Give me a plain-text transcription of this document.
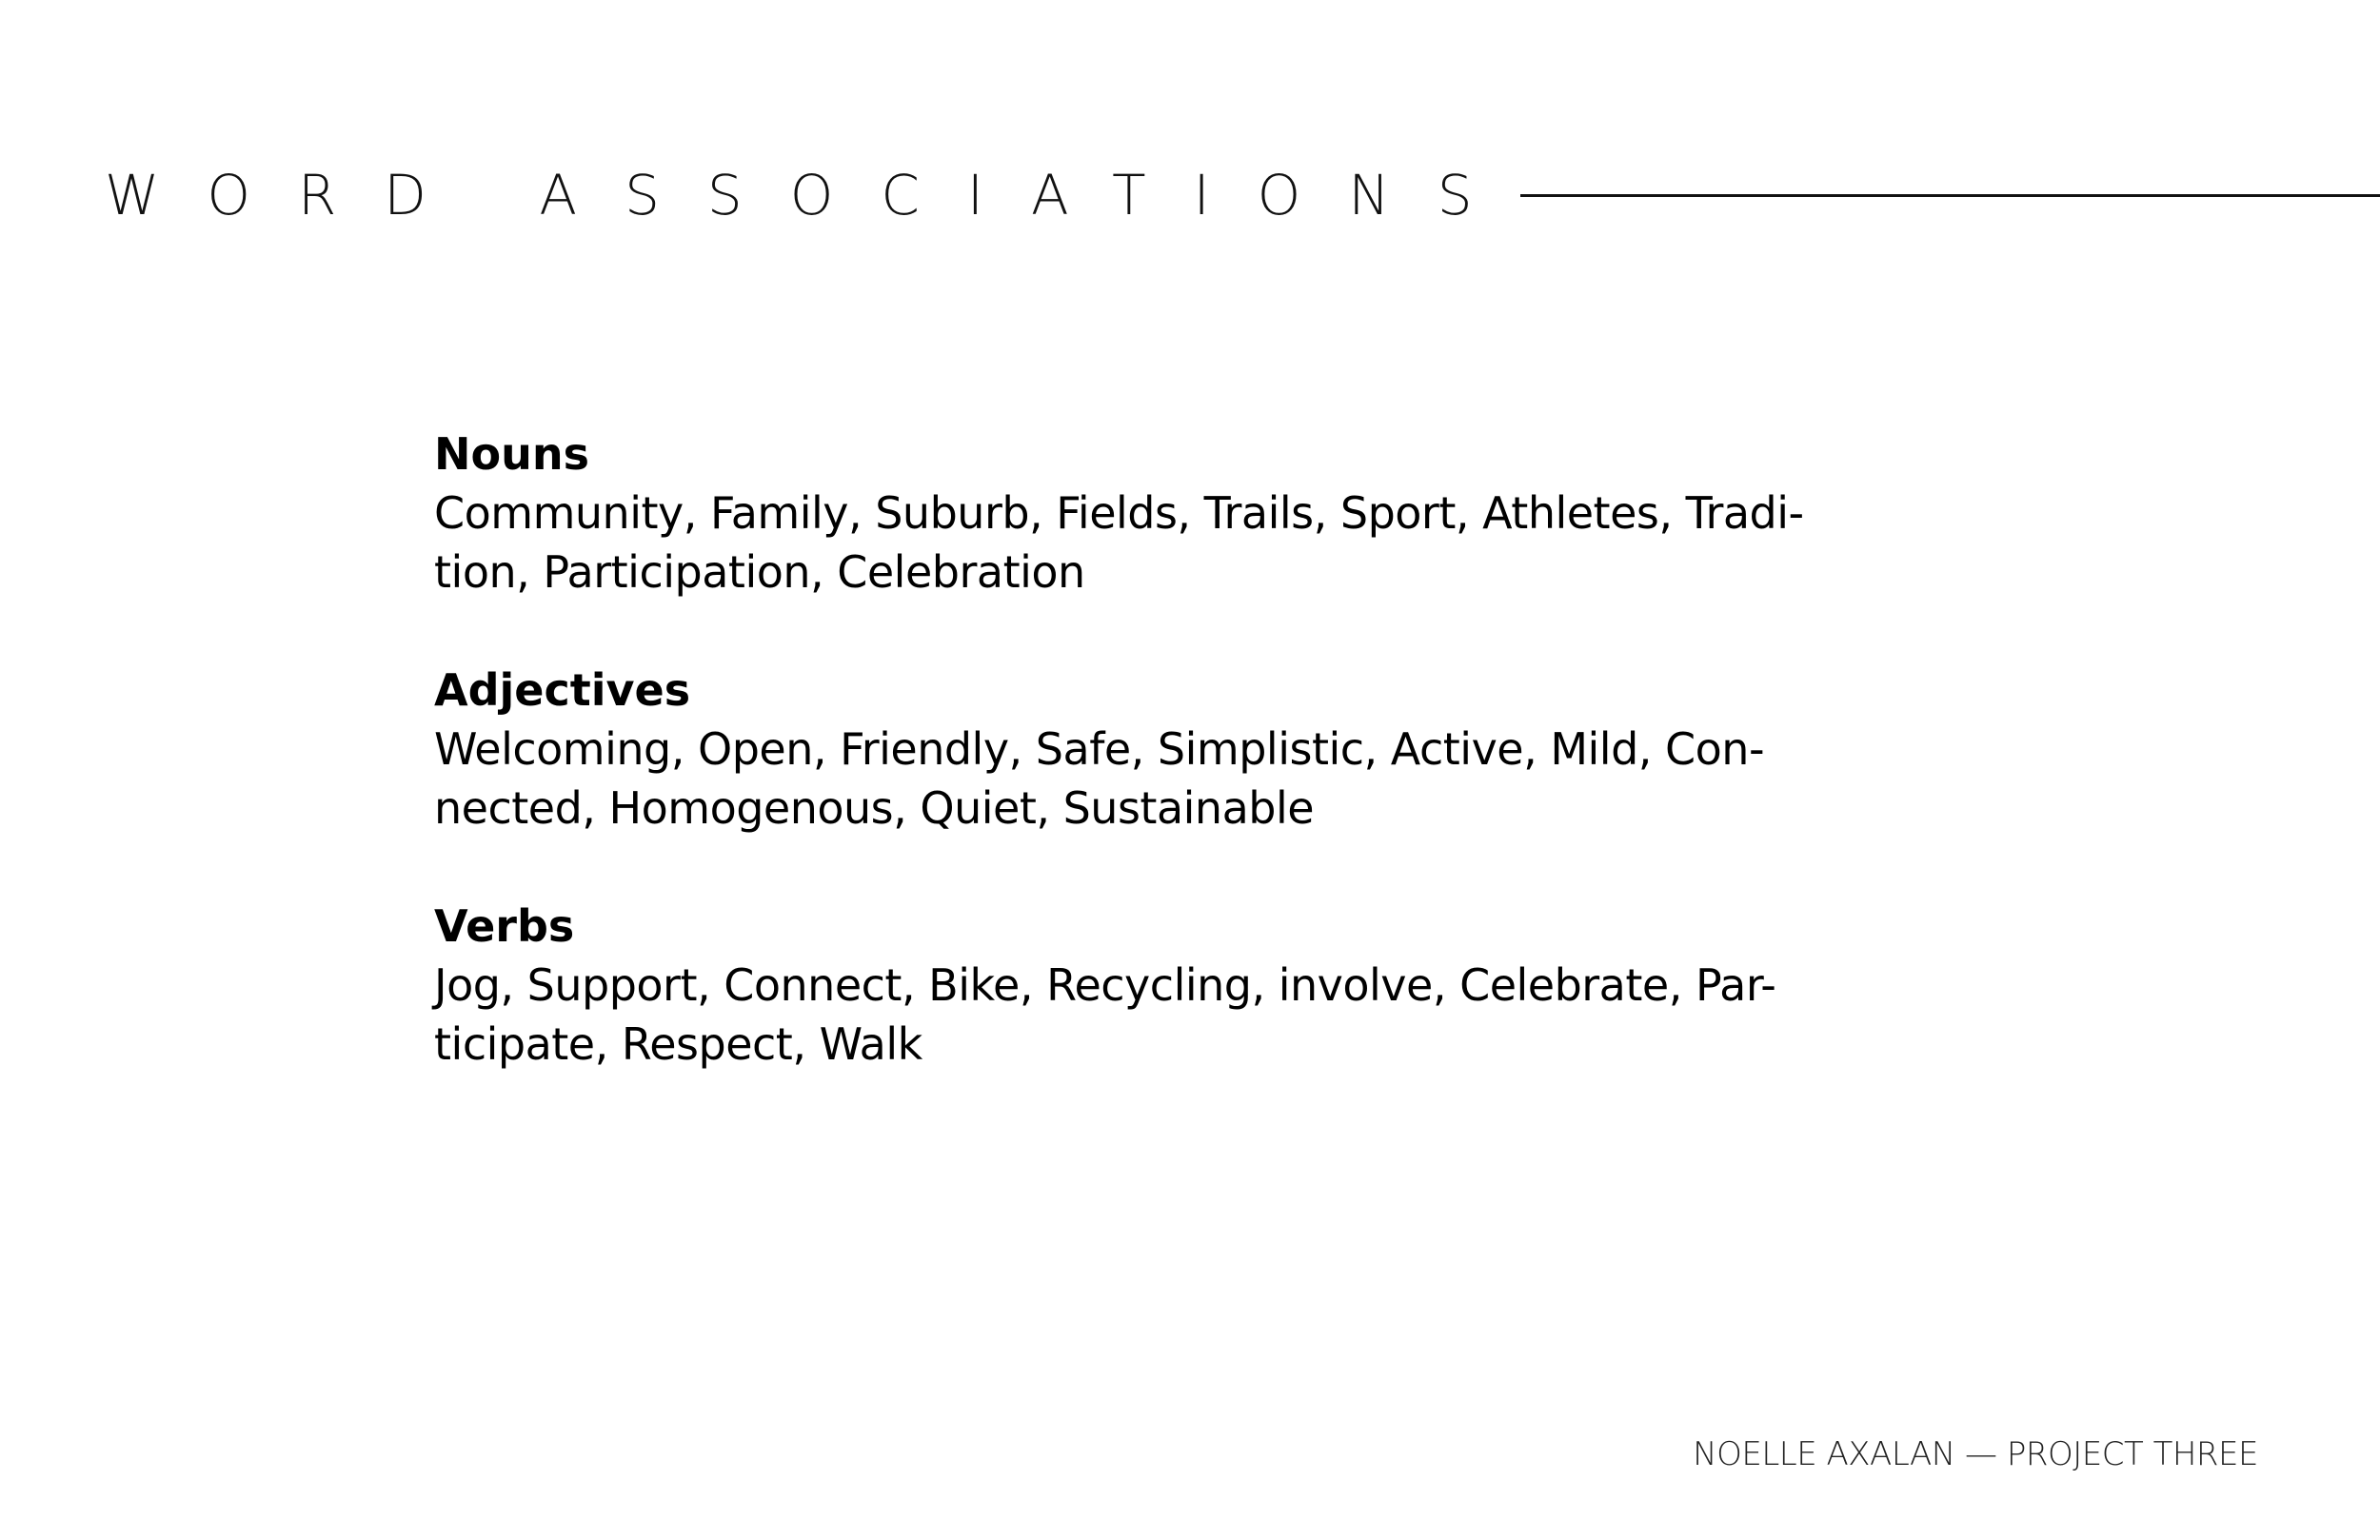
WORD ASSOCIATIONS

Nouns

Community, Family, Suburb, Fields, Trails, Sport, Athletes, Tradi-

tion, Participation, Celebration

Adjectives

Welcoming, Open, Friendly, Safe, Simplistic, Active, Mild, Con-

nected, Homogenous, Quiet, Sustainable

Verbs

Jog, Support, Connect, Bike, Recycling, involve, Celebrate, Par-

ticipate, Respect, Walk

NOELLE AXALAN — PROJECT THREE
